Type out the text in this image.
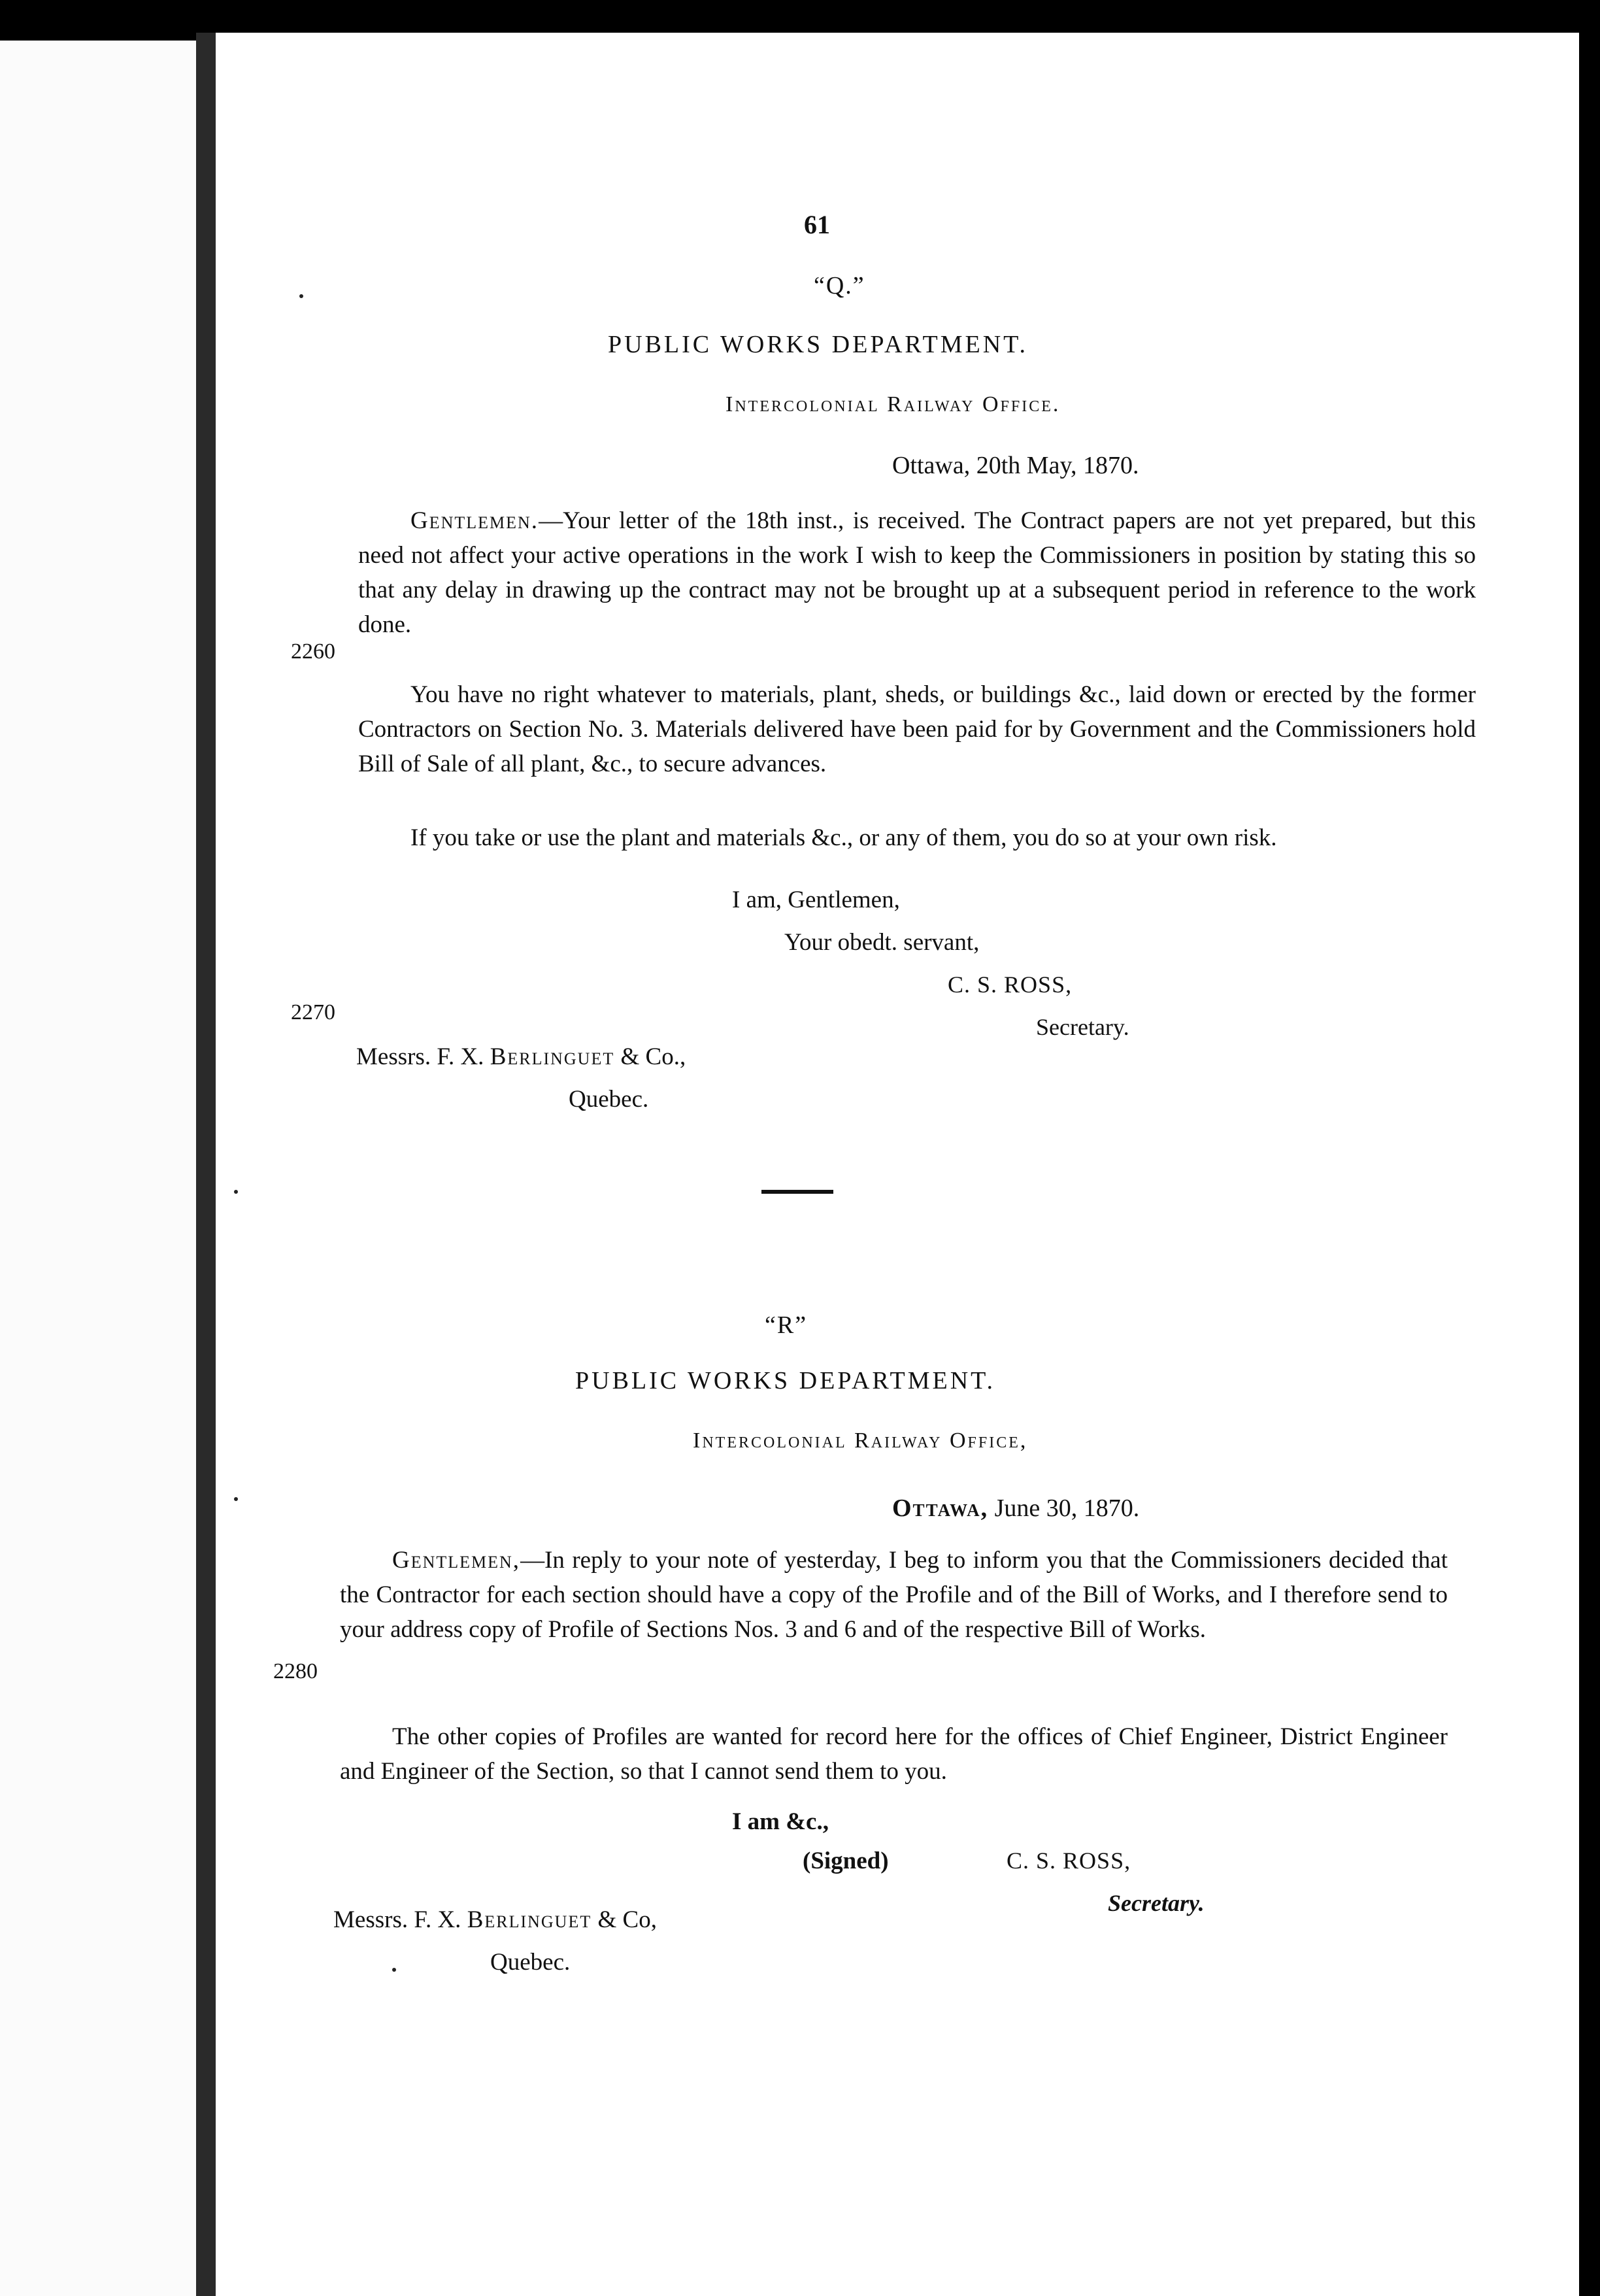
61
“Q.”
PUBLIC WORKS DEPARTMENT.
Intercolonial Railway Office.
Ottawa, 20th May, 1870.
Gentlemen.—Your letter of the 18th inst., is received. The Contract papers are not yet prepared, but this need not affect your active operations in the work I wish to keep the Commissioners in position by stating this so that any delay in drawing up the contract may not be brought up at a subsequent period in reference to the work done.
You have no right whatever to materials, plant, sheds, or buildings &c., laid down or erected by the former Contractors on Section No. 3. Materials delivered have been paid for by Government and the Commissioners hold Bill of Sale of all plant, &c., to secure advances.
If you take or use the plant and materials &c., or any of them, you do so at your own risk.
2260
2270
I am, Gentlemen,
Your obedt. servant,
C. S. ROSS,
Secretary.
Messrs. F. X. Berlinguet & Co.,
Quebec.
“R”
PUBLIC WORKS DEPARTMENT.
Intercolonial Railway Office,
Ottawa, June 30, 1870.
Gentlemen,—In reply to your note of yesterday, I beg to inform you that the Commissioners decided that the Contractor for each section should have a copy of the Profile and of the Bill of Works, and I therefore send to your address copy of Profile of Sections Nos. 3 and 6 and of the respective Bill of Works.
The other copies of Profiles are wanted for record here for the offices of Chief Engineer, District Engineer and Engineer of the Section, so that I cannot send them to you.
2280
I am &c.,
(Signed)	C. S. ROSS,
Secretary.
Messrs. F. X. Berlinguet & Co,
Quebec.
